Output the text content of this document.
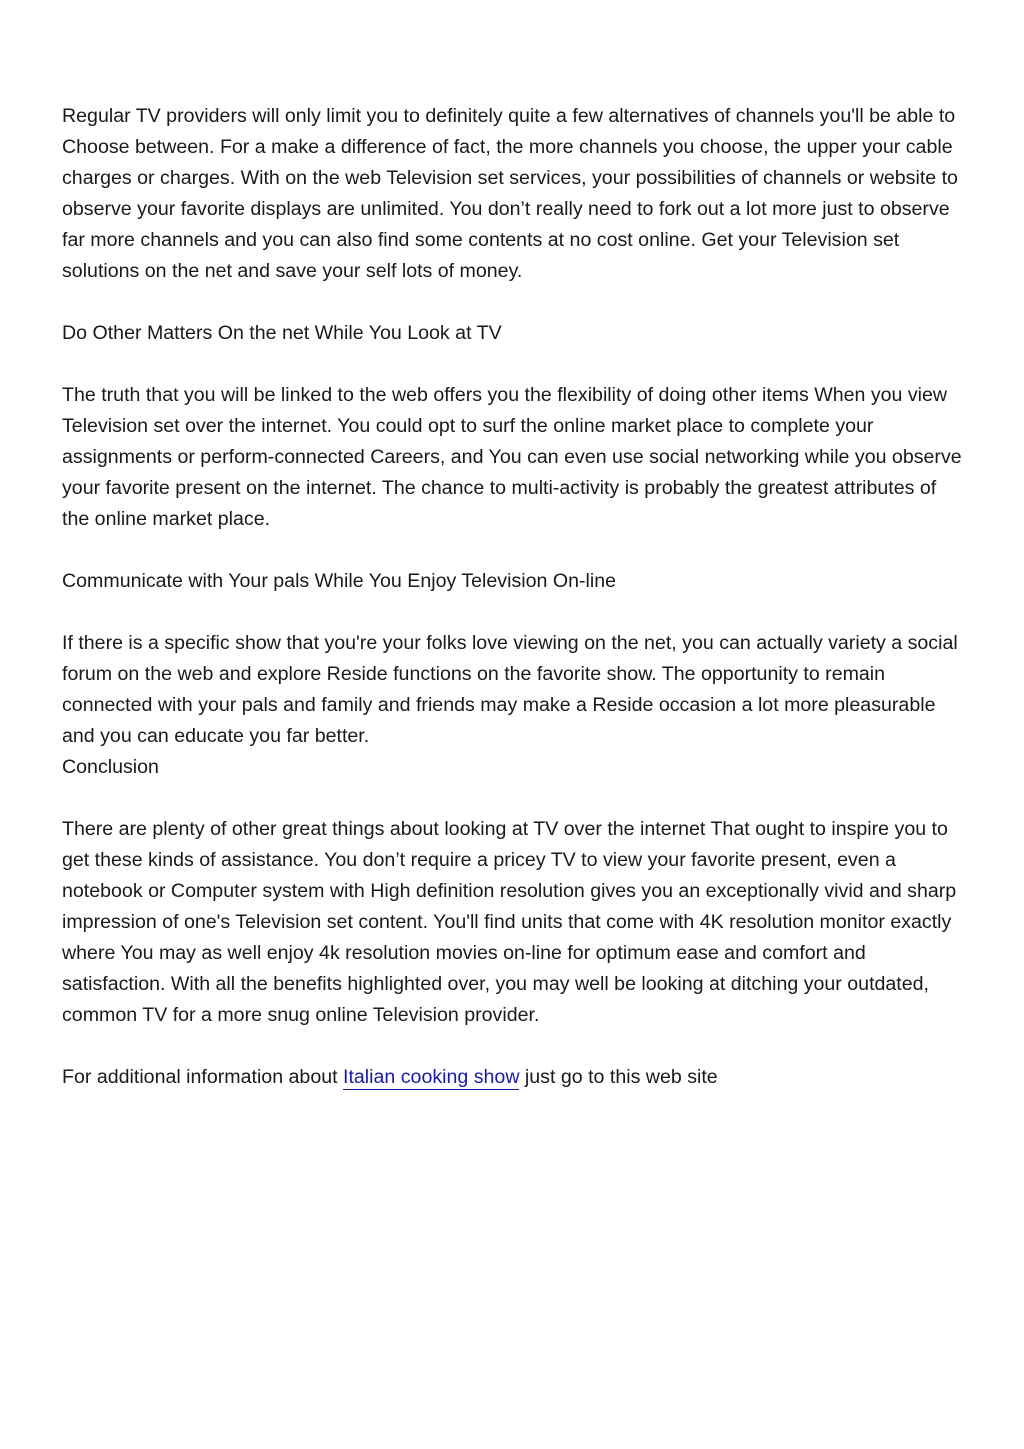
Regular TV providers will only limit you to definitely quite a few alternatives of channels you'll be able to Choose between. For a make a difference of fact, the more channels you choose, the upper your cable charges or charges. With on the web Television set services, your possibilities of channels or website to observe your favorite displays are unlimited. You don’t really need to fork out a lot more just to observe far more channels and you can also find some contents at no cost online. Get your Television set solutions on the net and save your self lots of money.

Do Other Matters On the net While You Look at TV

The truth that you will be linked to the web offers you the flexibility of doing other items When you view Television set over the internet. You could opt to surf the online market place to complete your assignments or perform-connected Careers, and You can even use social networking while you observe your favorite present on the internet. The chance to multi-activity is probably the greatest attributes of the online market place.

Communicate with Your pals While You Enjoy Television On-line

If there is a specific show that you're your folks love viewing on the net, you can actually variety a social forum on the web and explore Reside functions on the favorite show. The opportunity to remain connected with your pals and family and friends may make a Reside occasion a lot more pleasurable and you can educate you far better.

Conclusion

There are plenty of other great things about looking at TV over the internet That ought to inspire you to get these kinds of assistance. You don’t require a pricey TV to view your favorite present, even a notebook or Computer system with High definition resolution gives you an exceptionally vivid and sharp impression of one's Television set content. You'll find units that come with 4K resolution monitor exactly where You may as well enjoy 4k resolution movies on-line for optimum ease and comfort and satisfaction. With all the benefits highlighted over, you may well be looking at ditching your outdated, common TV for a more snug online Television provider.

For additional information about Italian cooking show just go to this web site
